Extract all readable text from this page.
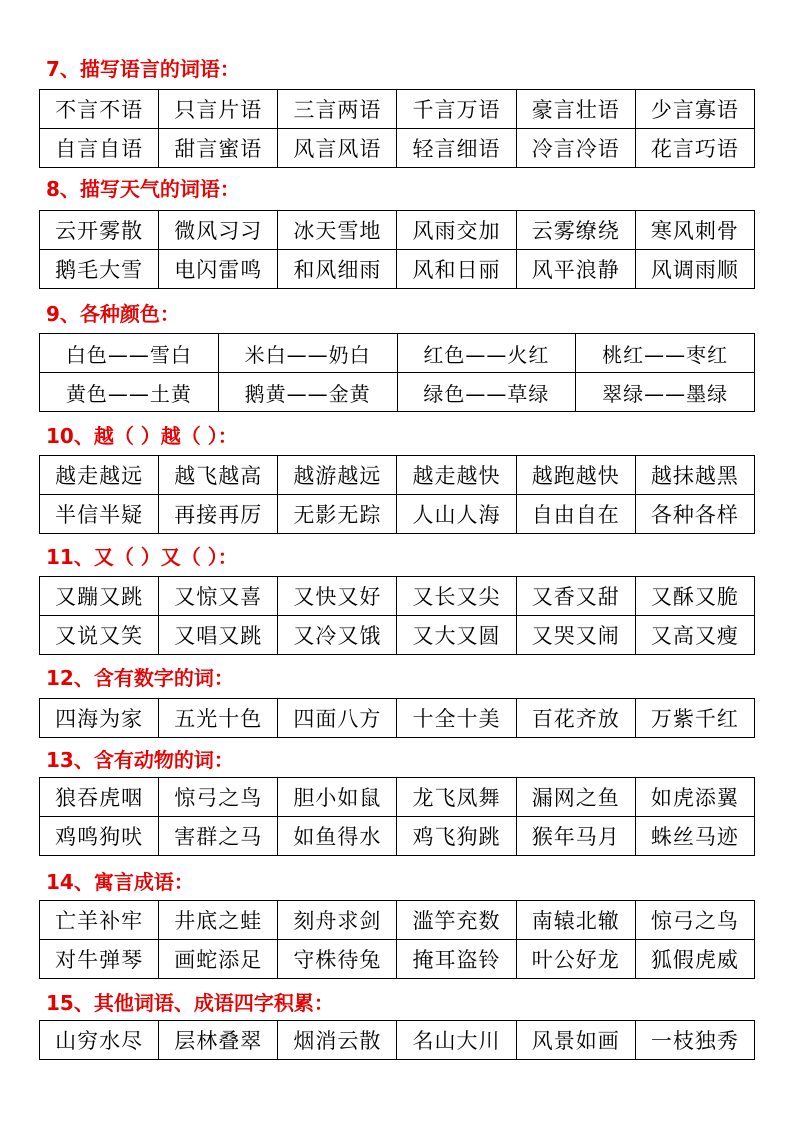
7、描写语言的词语：
不言不语	只言片语	三言两语	千言万语	豪言壮语	少言寡语
自言自语	甜言蜜语	风言风语	轻言细语	冷言冷语	花言巧语
8、描写天气的词语：
云开雾散	微风习习	冰天雪地	风雨交加	云雾缭绕	寒风刺骨
鹅毛大雪	电闪雷鸣	和风细雨	风和日丽	风平浪静	风调雨顺
9、各种颜色：
白色——雪白	米白——奶白	红色——火红	桃红——枣红
黄色——土黄	鹅黄——金黄	绿色——草绿	翠绿——墨绿
10、越（ ）越（ ）：
越走越远	越飞越高	越游越远	越走越快	越跑越快	越抹越黑
半信半疑	再接再厉	无影无踪	人山人海	自由自在	各种各样
11、又（ ）又（ ）：
又蹦又跳	又惊又喜	又快又好	又长又尖	又香又甜	又酥又脆
又说又笑	又唱又跳	又冷又饿	又大又圆	又哭又闹	又高又瘦
12、含有数字的词：
四海为家	五光十色	四面八方	十全十美	百花齐放	万紫千红
13、含有动物的词：
狼吞虎咽	惊弓之鸟	胆小如鼠	龙飞凤舞	漏网之鱼	如虎添翼
鸡鸣狗吠	害群之马	如鱼得水	鸡飞狗跳	猴年马月	蛛丝马迹
14、寓言成语：
亡羊补牢	井底之蛙	刻舟求剑	滥竽充数	南辕北辙	惊弓之鸟
对牛弹琴	画蛇添足	守株待兔	掩耳盗铃	叶公好龙	狐假虎威
15、其他词语、成语四字积累：
山穷水尽	层林叠翠	烟消云散	名山大川	风景如画	一枝独秀
